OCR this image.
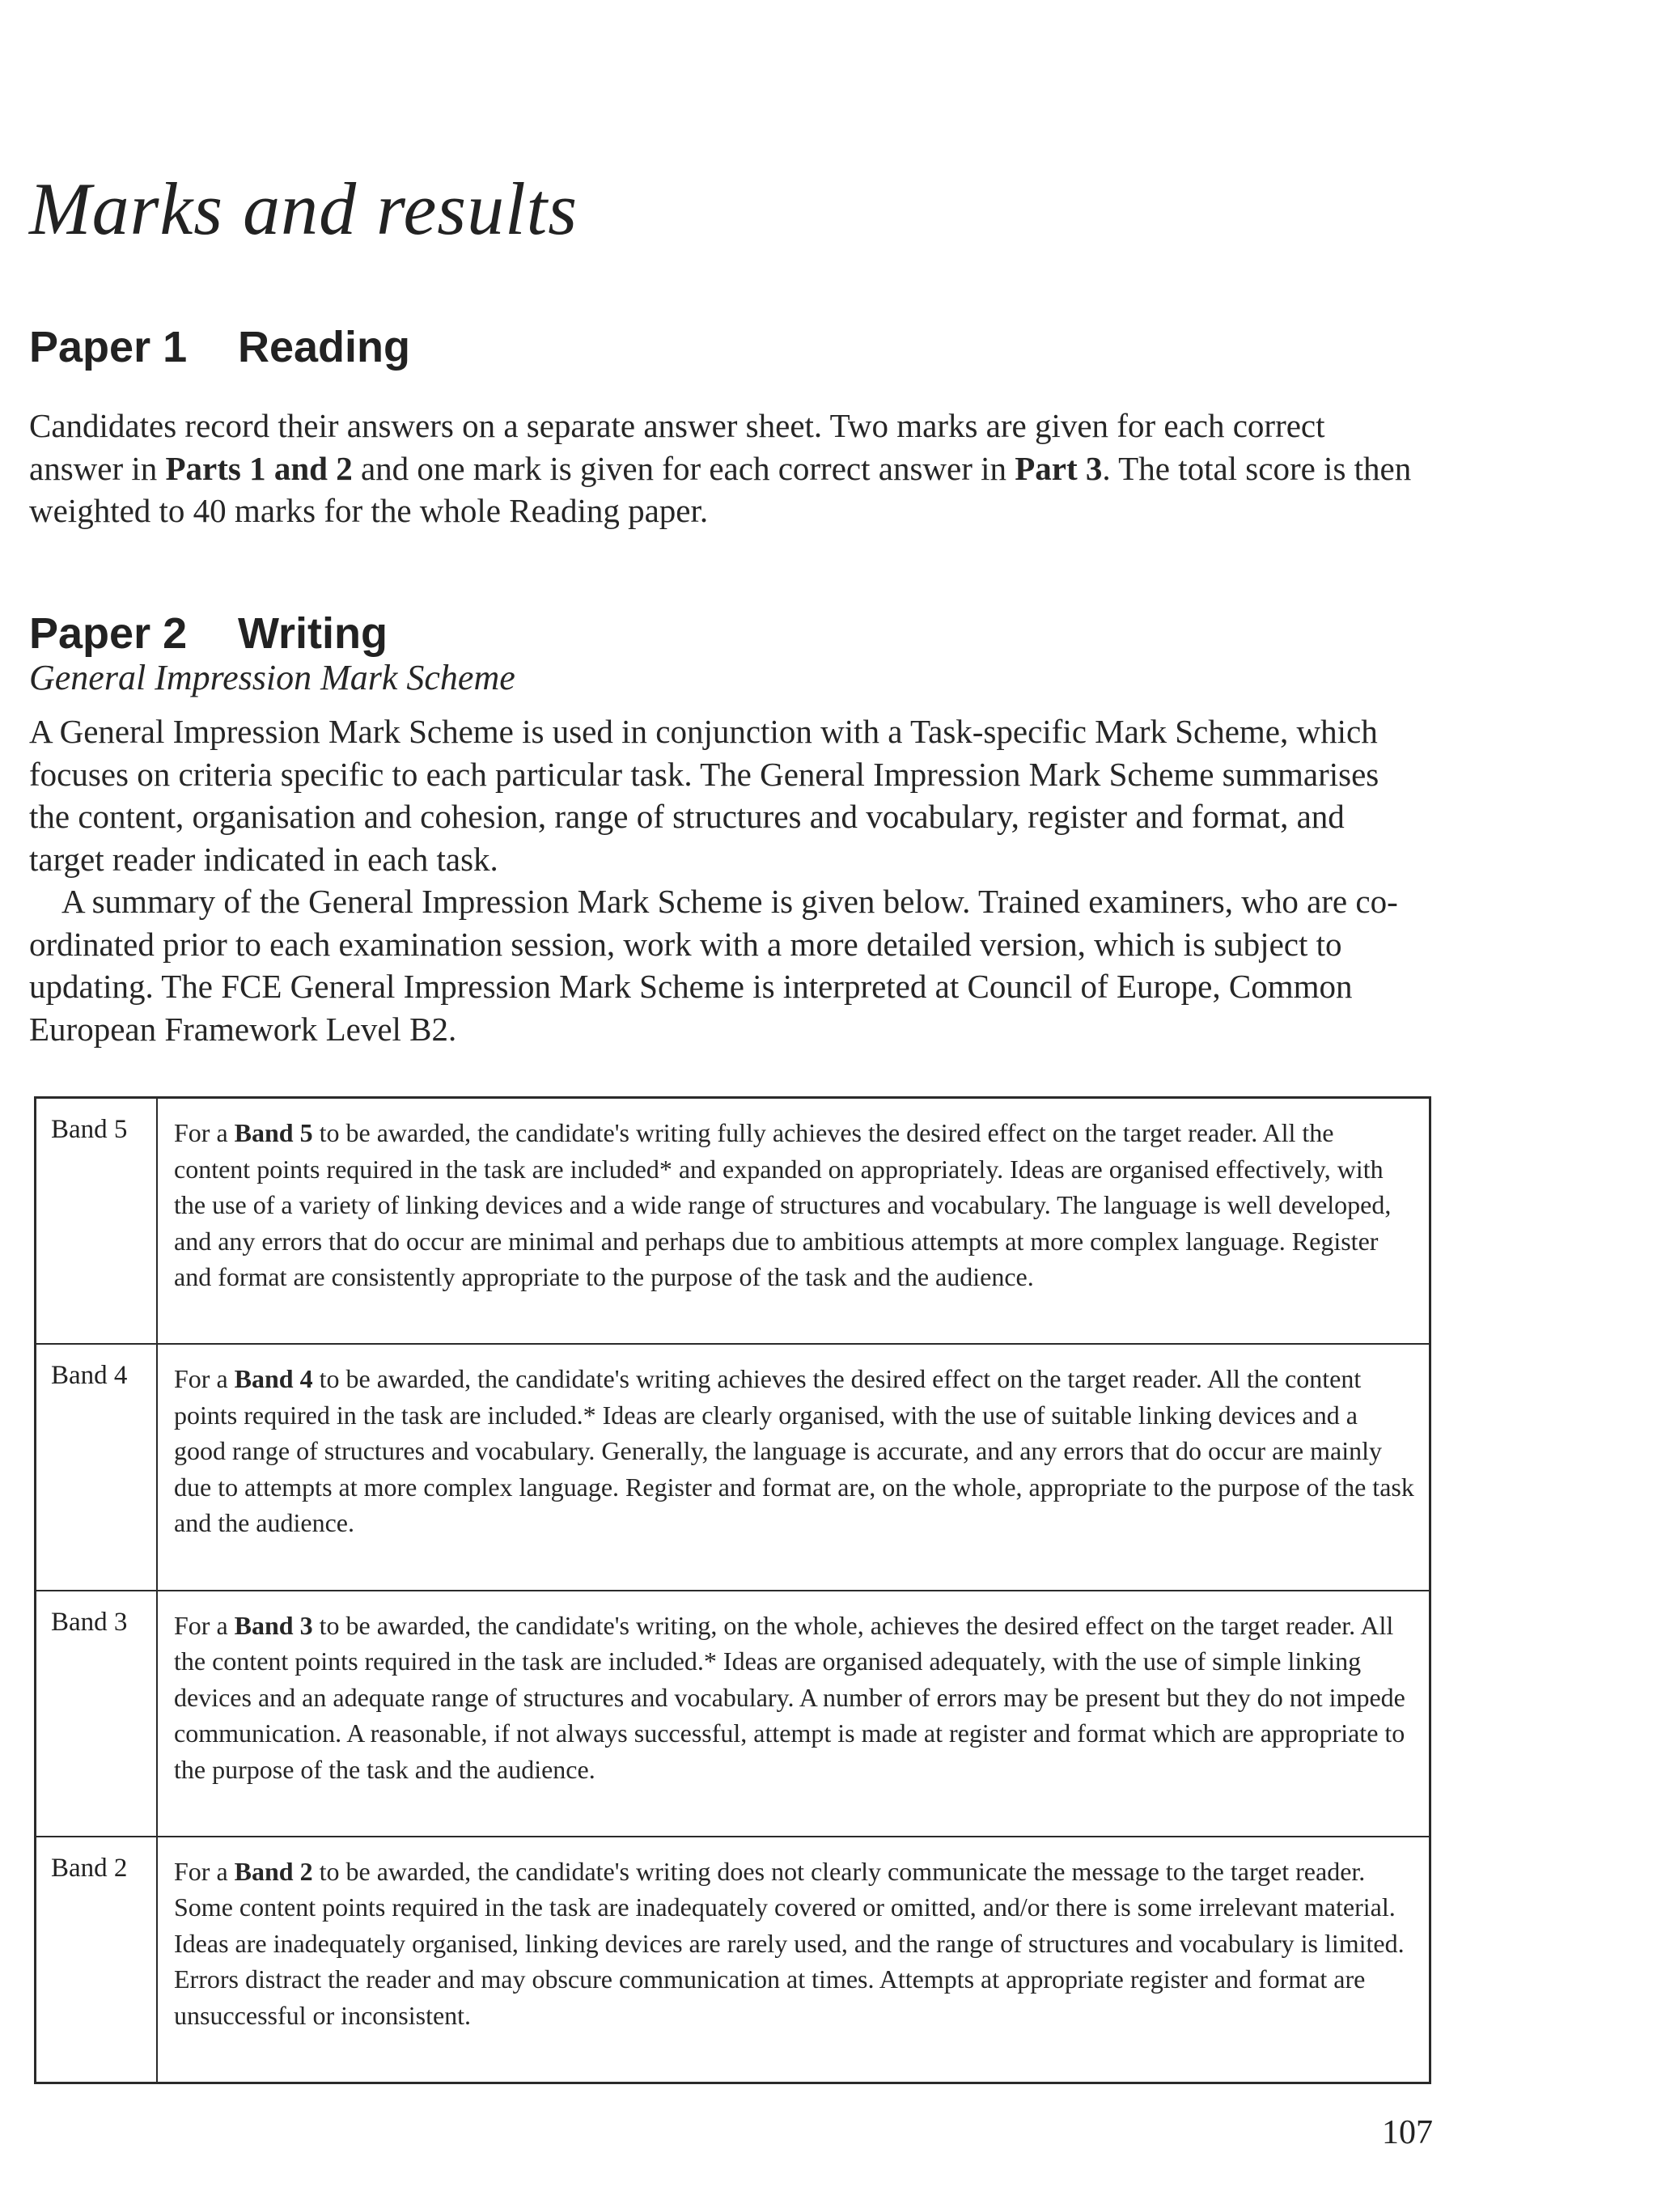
Marks and results
Paper 1 Reading

Candidates record their answers on a separate answer sheet. Two marks are given for each correct answer in Parts 1 and 2 and one mark is given for each correct answer in Part 3. The total score is then weighted to 40 marks for the whole Reading paper.

Paper 2 Writing

General Impression Mark Scheme

A General Impression Mark Scheme is used in conjunction with a Task-specific Mark Scheme, which focuses on criteria specific to each particular task. The General Impression Mark Scheme summarises the content, organisation and cohesion, range of structures and vocabulary, register and format, and target reader indicated in each task.

A summary of the General Impression Mark Scheme is given below. Trained examiners, who are co-ordinated prior to each examination session, work with a more detailed version, which is subject to updating. The FCE General Impression Mark Scheme is interpreted at Council of Europe, Common European Framework Level B2.

Band 5	For a Band 5 to be awarded, the candidate's writing fully achieves the desired effect on the target reader. All the content points required in the task are included* and expanded on appropriately. Ideas are organised effectively, with the use of a variety of linking devices and a wide range of structures and vocabulary. The language is well developed, and any errors that do occur are minimal and perhaps due to ambitious attempts at more complex language. Register and format are consistently appropriate to the purpose of the task and the audience.
Band 4	For a Band 4 to be awarded, the candidate's writing achieves the desired effect on the target reader. All the content points required in the task are included.* Ideas are clearly organised, with the use of suitable linking devices and a good range of structures and vocabulary. Generally, the language is accurate, and any errors that do occur are mainly due to attempts at more complex language. Register and format are, on the whole, appropriate to the purpose of the task and the audience.
Band 3	For a Band 3 to be awarded, the candidate's writing, on the whole, achieves the desired effect on the target reader. All the content points required in the task are included.* Ideas are organised adequately, with the use of simple linking devices and an adequate range of structures and vocabulary. A number of errors may be present but they do not impede communication. A reasonable, if not always successful, attempt is made at register and format which are appropriate to the purpose of the task and the audience.
Band 2	For a Band 2 to be awarded, the candidate's writing does not clearly communicate the message to the target reader. Some content points required in the task are inadequately covered or omitted, and/or there is some irrelevant material. Ideas are inadequately organised, linking devices are rarely used, and the range of structures and vocabulary is limited. Errors distract the reader and may obscure communication at times. Attempts at appropriate register and format are unsuccessful or inconsistent.

107
